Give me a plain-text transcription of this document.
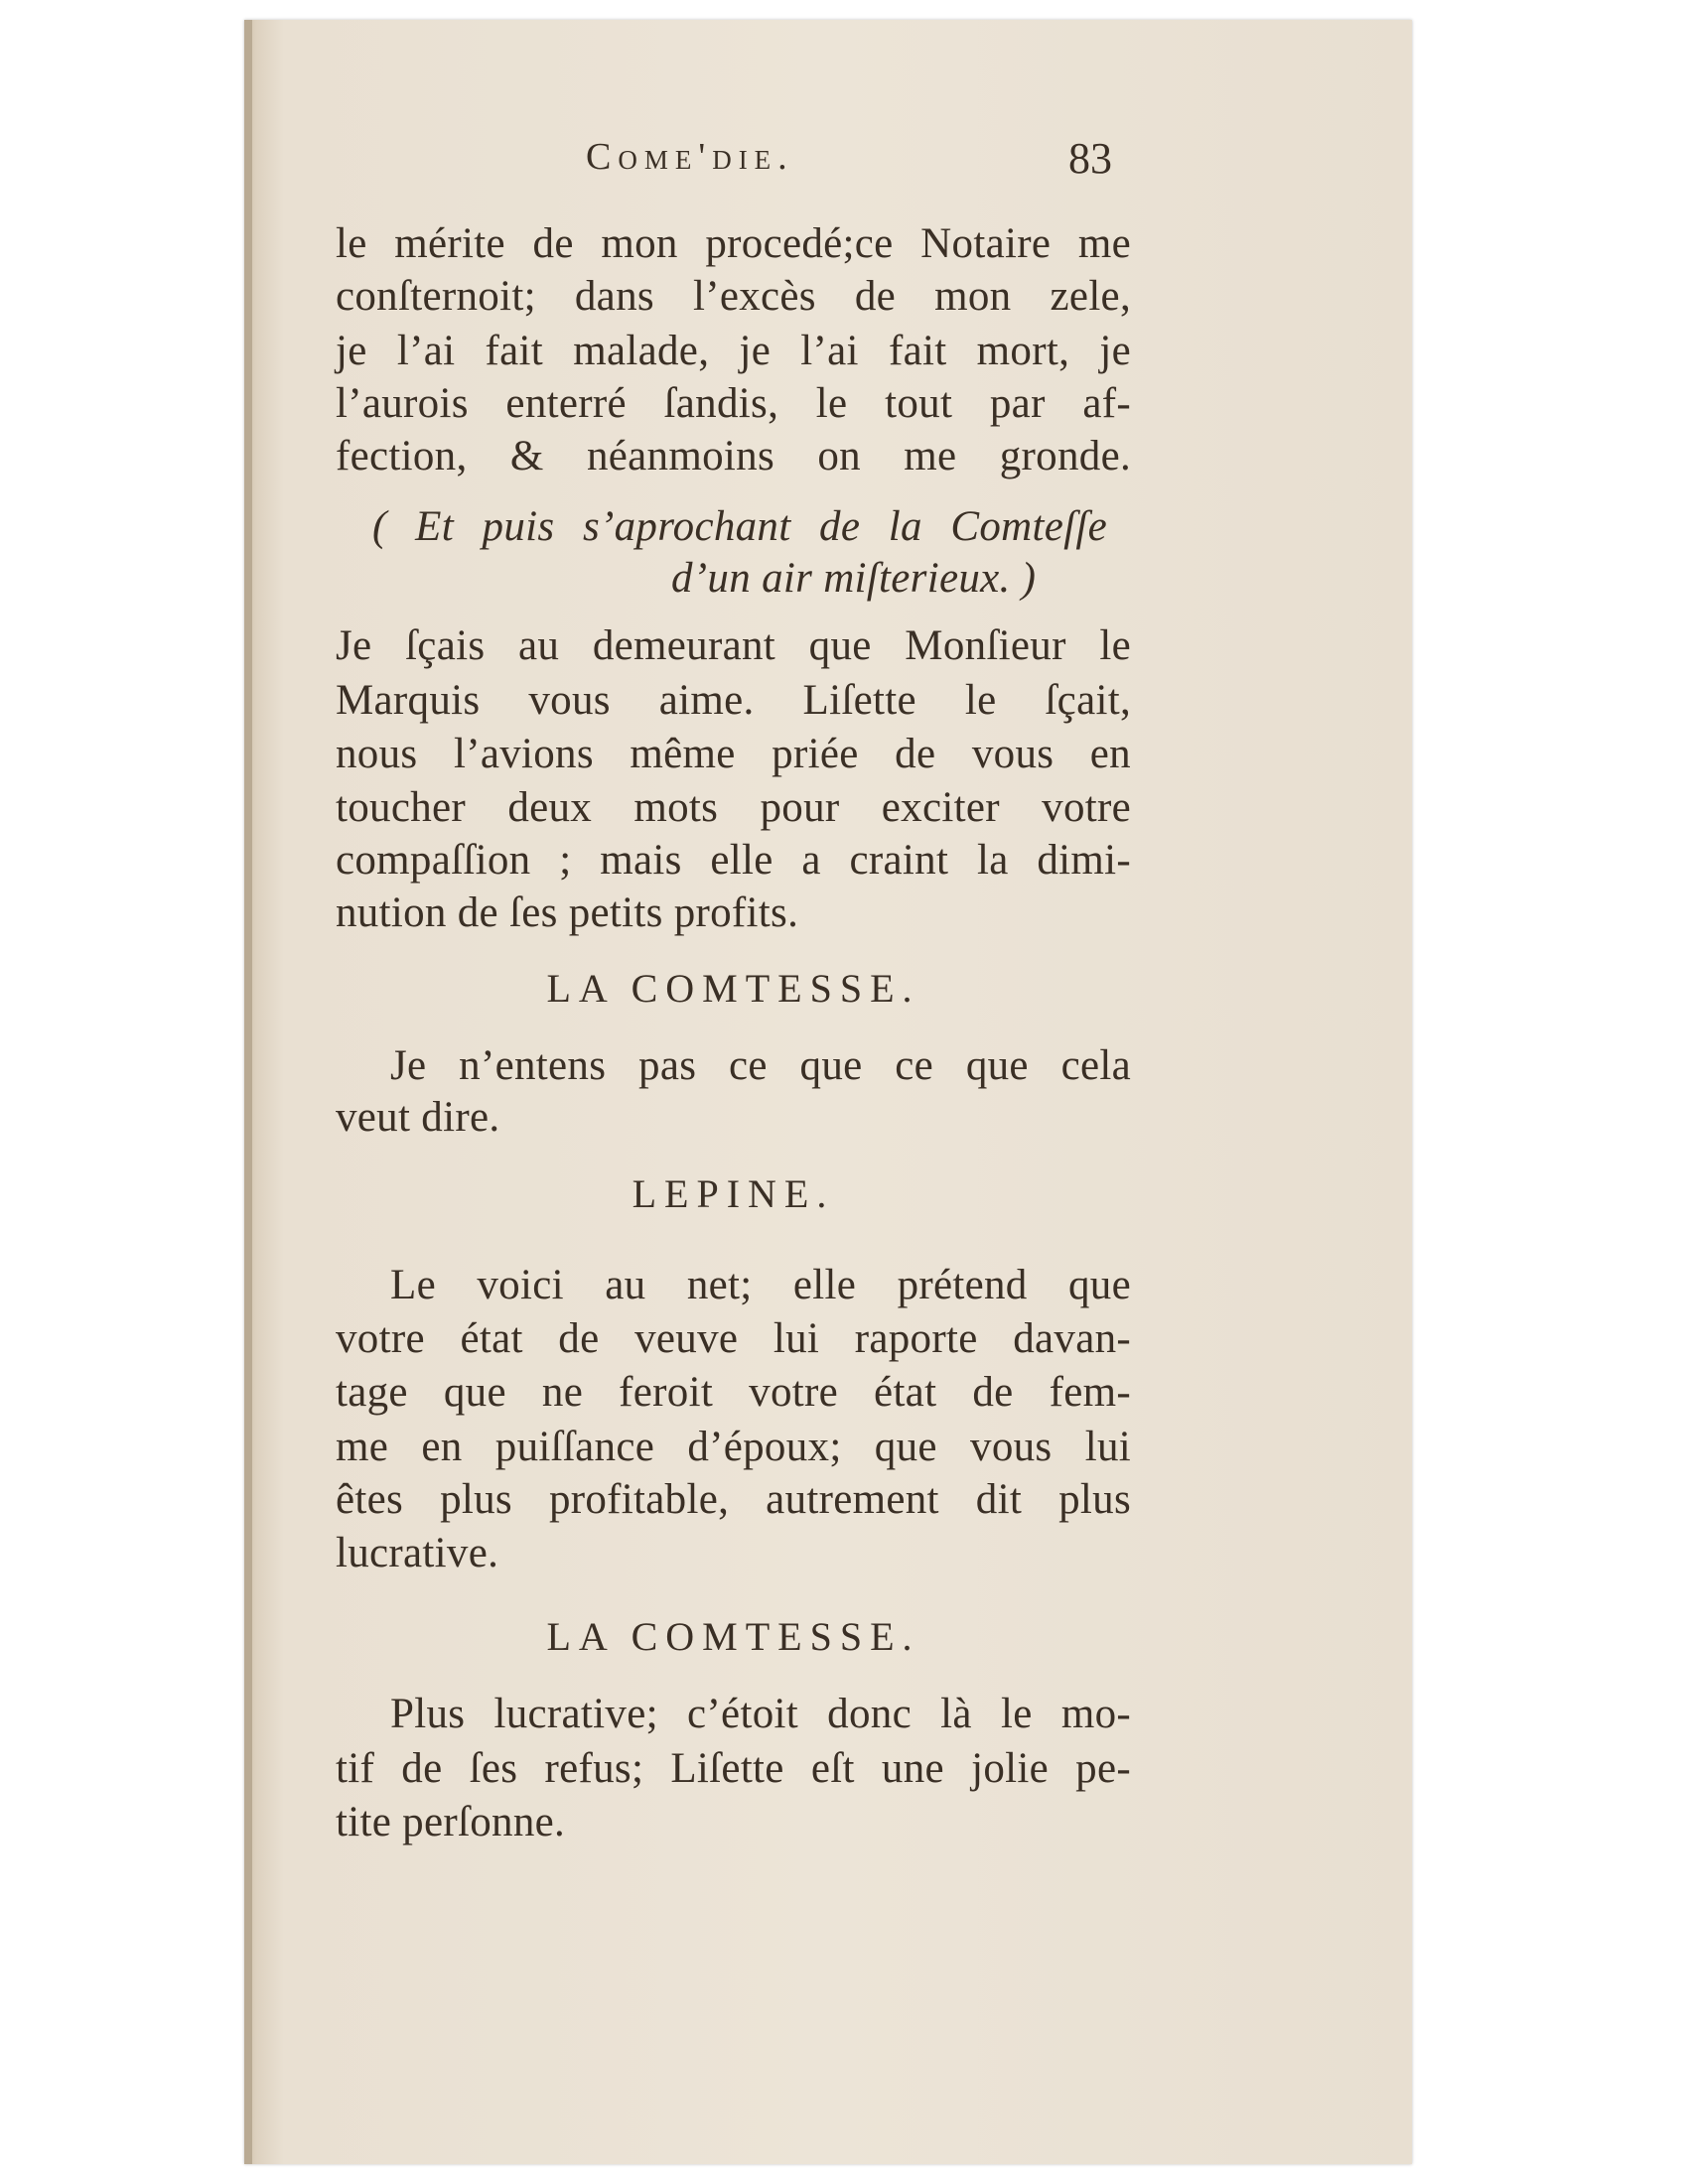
Come'die.	83
le mérite de mon procedé;ce Notaire me
conſternoit; dans l’excès de mon zele,
je l’ai fait malade, je l’ai fait mort, je
l’aurois enterré ſandis, le tout par af-
fection, & néanmoins on me gronde.
( Et puis s’aprochant de la Comteſſe
d’un air miſterieux. )
Je ſçais au demeurant que Monſieur le
Marquis vous aime. Liſette le ſçait,
nous l’avions même priée de vous en
toucher deux mots pour exciter votre
compaſſion ; mais elle a craint la dimi-
nution de ſes petits profits.
LA COMTESSE.
Je n’entens pas ce que ce que cela
veut dire.
LEPINE.
Le voici au net; elle prétend que
votre état de veuve lui raporte davan-
tage que ne feroit votre état de fem-
me en puiſſance d’époux; que vous lui
êtes plus profitable, autrement dit plus
lucrative.
LA COMTESSE.
Plus lucrative; c’étoit donc là le mo-
tif de ſes refus; Liſette eſt une jolie pe-
tite perſonne.
